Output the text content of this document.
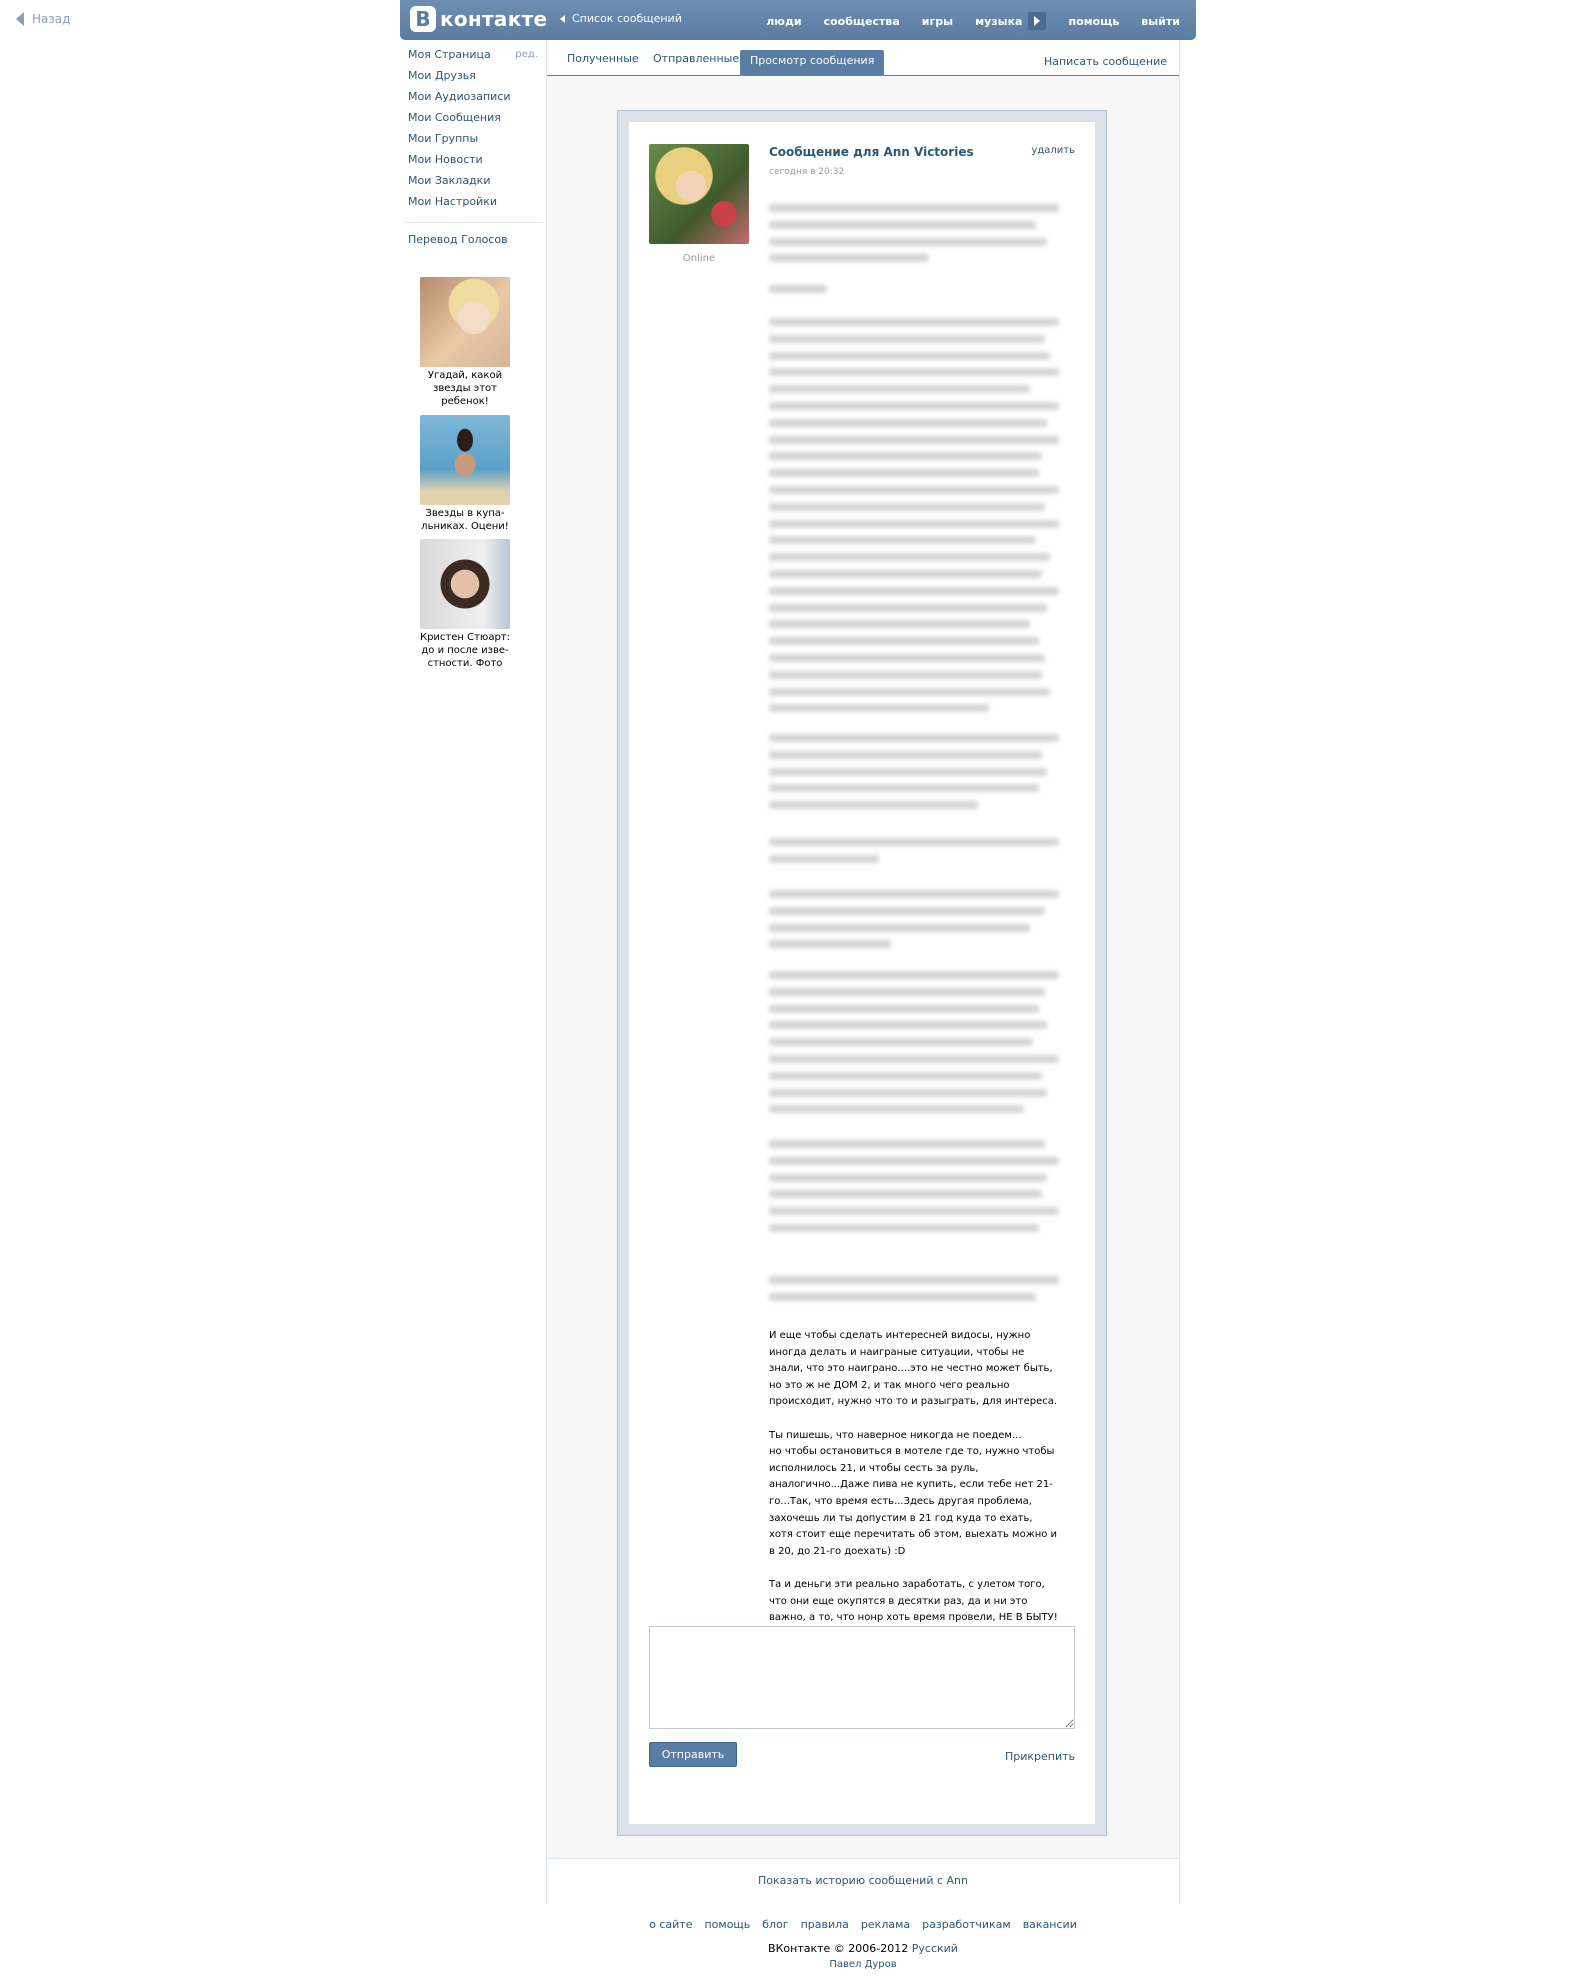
Назад	В контакте Список сообщений	люди сообщества игры музыка	помощь выйти
Моя Страница ред.
Мои Друзья
Мои Аудиозаписи
Мои Сообщения
Мои Группы
Мои Новости
Мои Закладки
Мои Настройки
Перевод Голосов
Угадай, какой
звезды этот
ребенок!
Звезды в купа-
льниках. Оцени!
Кристен Стюарт:
до и после изве-
стности. Фото
Полученные Отправленные Просмотр сообщения	Написать сообщение
Online
Сообщение для Ann Victories	удалить
сегодня в 20:32

И еще чтобы сделать интересней видосы, нужно иногда делать и наиграные ситуации, чтобы не знали, что это наиграно....это не честно может быть, но это ж не ДОМ 2, и так много чего реально происходит, нужно что то и разыграть, для интереса.

Ты пишешь, что наверное никогда не поедем...
но чтобы остановиться в мотеле где то, нужно чтобы исполнилось 21, и чтобы сесть за руль, аналогично...Даже пива не купить, если тебе нет 21-го...Так, что время есть...Здесь другая проблема, захочешь ли ты допустим в 21 год куда то ехать, хотя стоит еще перечитать об этом, выехать можно и в 20, до 21-го доехать) :D

Та и деньги эти реально заработать, с улетом того, что они еще окупятся в десятки раз, да и ни это важно, а то, что нонр хоть время провели, НЕ В БЫТУ!

Отправить	Прикрепить
Показать историю сообщений с Ann
о сайте помощь блог правила реклама разработчикам вакансии
ВКонтакте © 2006-2012 Русский
Павел Дуров
